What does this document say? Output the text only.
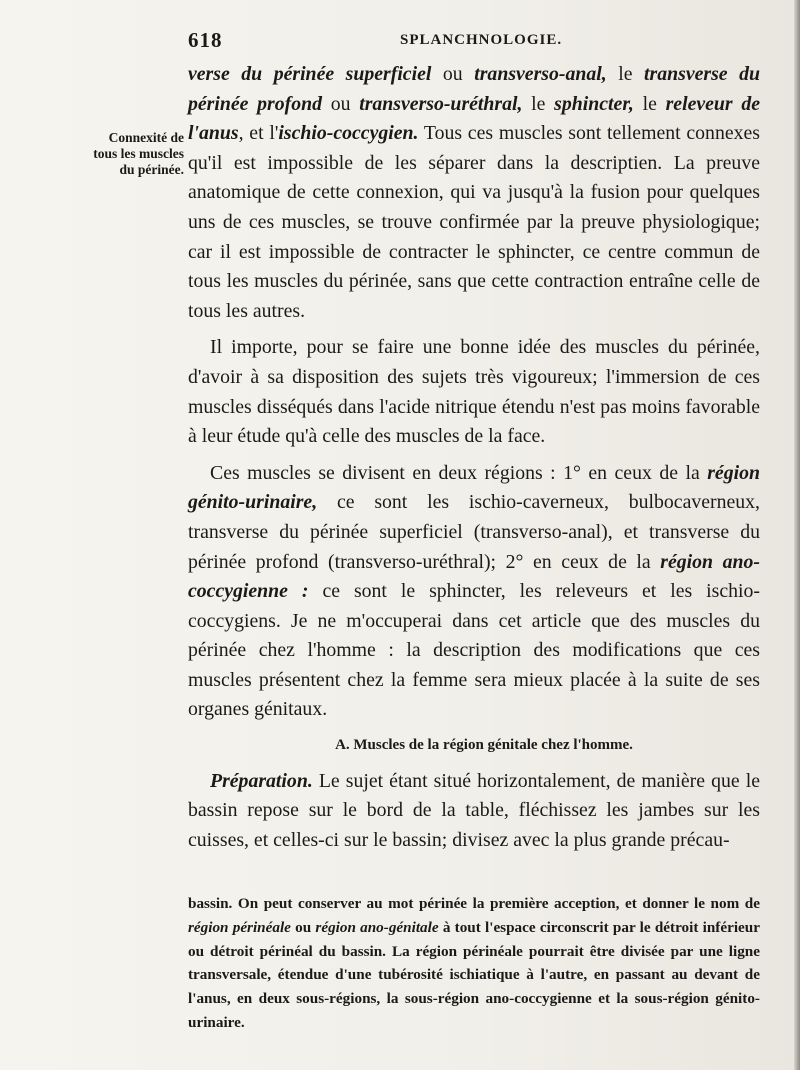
618	SPLANCHNOLOGIE.
Connexité de
tous les muscles
du périnée.

verse du périnée superficiel ou transverso-anal, le transverse du périnée profond ou transverso-uréthral, le sphincter, le releveur de l'anus, et l'ischio-coccygien. Tous ces muscles sont tellement connexes qu'il est impossible de les séparer dans la descriptien. La preuve anatomique de cette connexion, qui va jusqu'à la fusion pour quelques uns de ces muscles, se trouve confirmée par la preuve physiologique; car il est impossible de contracter le sphincter, ce centre commun de tous les muscles du périnée, sans que cette contraction entraîne celle de tous les autres.

Il importe, pour se faire une bonne idée des muscles du périnée, d'avoir à sa disposition des sujets très vigoureux; l'immersion de ces muscles disséqués dans l'acide nitrique étendu n'est pas moins favorable à leur étude qu'à celle des muscles de la face.

Ces muscles se divisent en deux régions : 1° en ceux de la région génito-urinaire, ce sont les ischio-caverneux, bulbocaverneux, transverse du périnée superficiel (transverso-anal), et transverse du périnée profond (transverso-uréthral); 2° en ceux de la région ano-coccygienne : ce sont le sphincter, les releveurs et les ischio-coccygiens. Je ne m'occuperai dans cet article que des muscles du périnée chez l'homme : la description des modifications que ces muscles présentent chez la femme sera mieux placée à la suite de ses organes génitaux.

A. Muscles de la région génitale chez l'homme.

Préparation. Le sujet étant situé horizontalement, de manière que le bassin repose sur le bord de la table, fléchissez les jambes sur les cuisses, et celles-ci sur le bassin; divisez avec la plus grande précau-

bassin. On peut conserver au mot périnée la première acception, et donner le nom de région périnéale ou région ano-génitale à tout l'espace circonscrit par le détroit inférieur ou détroit périnéal du bassin. La région périnéale pourrait être divisée par une ligne transversale, étendue d'une tubérosité ischiatique à l'autre, en passant au devant de l'anus, en deux sous-régions, la sous-région ano-coccygienne et la sous-région génito-urinaire.
